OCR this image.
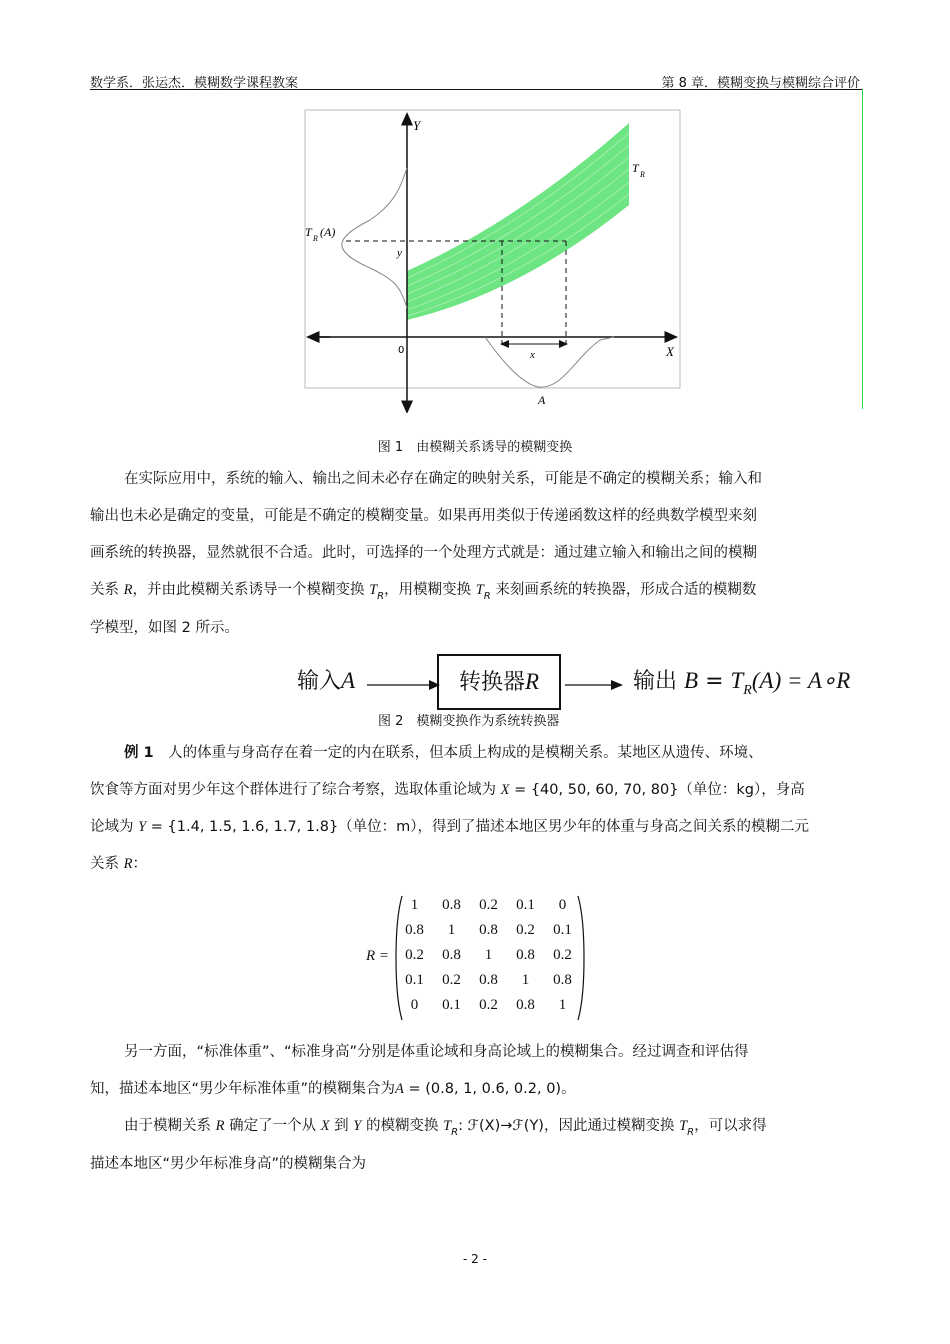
数学系．张运杰．模糊数学课程教案	第 8 章．模糊变换与模糊综合评价
Y
X
0
T R
T R (A)
y
x
A
图 1　由模糊关系诱导的模糊变换

在实际应用中，系统的输入、输出之间未必存在确定的映射关系，可能是不确定的模糊关系；输入和

输出也未必是确定的变量，可能是不确定的模糊变量。如果再用类似于传递函数这样的经典数学模型来刻

画系统的转换器，显然就很不合适。此时，可选择的一个处理方式就是：通过建立输入和输出之间的模糊

关系 R，并由此模糊关系诱导一个模糊变换 $T_R$，用模糊变换 $T_R$ 来刻画系统的转换器，形成合适的模糊数

学模型，如图 2 所示。

输入A	转换器R	输出 $B = T_R(A)$ = A∘R
图 2　模糊变换作为系统转换器

例 1　人的体重与身高存在着一定的内在联系，但本质上构成的是模糊关系。某地区从遗传、环境、

饮食等方面对男少年这个群体进行了综合考察，选取体重论域为 X = {40, 50, 60, 70, 80}（单位：kg），身高

论域为 Y = {1.4, 1.5, 1.6, 1.7, 1.8}（单位：m），得到了描述本地区男少年的体重与身高之间关系的模糊二元

关系 R：

R =
1	0.8	0.2	0.1	0
0.8	1	0.8	0.2	0.1
0.2	0.8	1	0.8	0.2
0.1	0.2	0.8	1	0.8
0	0.1	0.2	0.8	1

另一方面，“标准体重”、“标准身高”分别是体重论域和身高论域上的模糊集合。经过调查和评估得

知，描述本地区“男少年标准体重”的模糊集合为A = (0.8, 1, 0.6, 0.2, 0)。

由于模糊关系 R 确定了一个从 X 到 Y 的模糊变换 $T_R$: ℱ(X)→ℱ(Y)，因此通过模糊变换 $T_R$，可以求得

描述本地区“男少年标准身高”的模糊集合为

- 2 -
